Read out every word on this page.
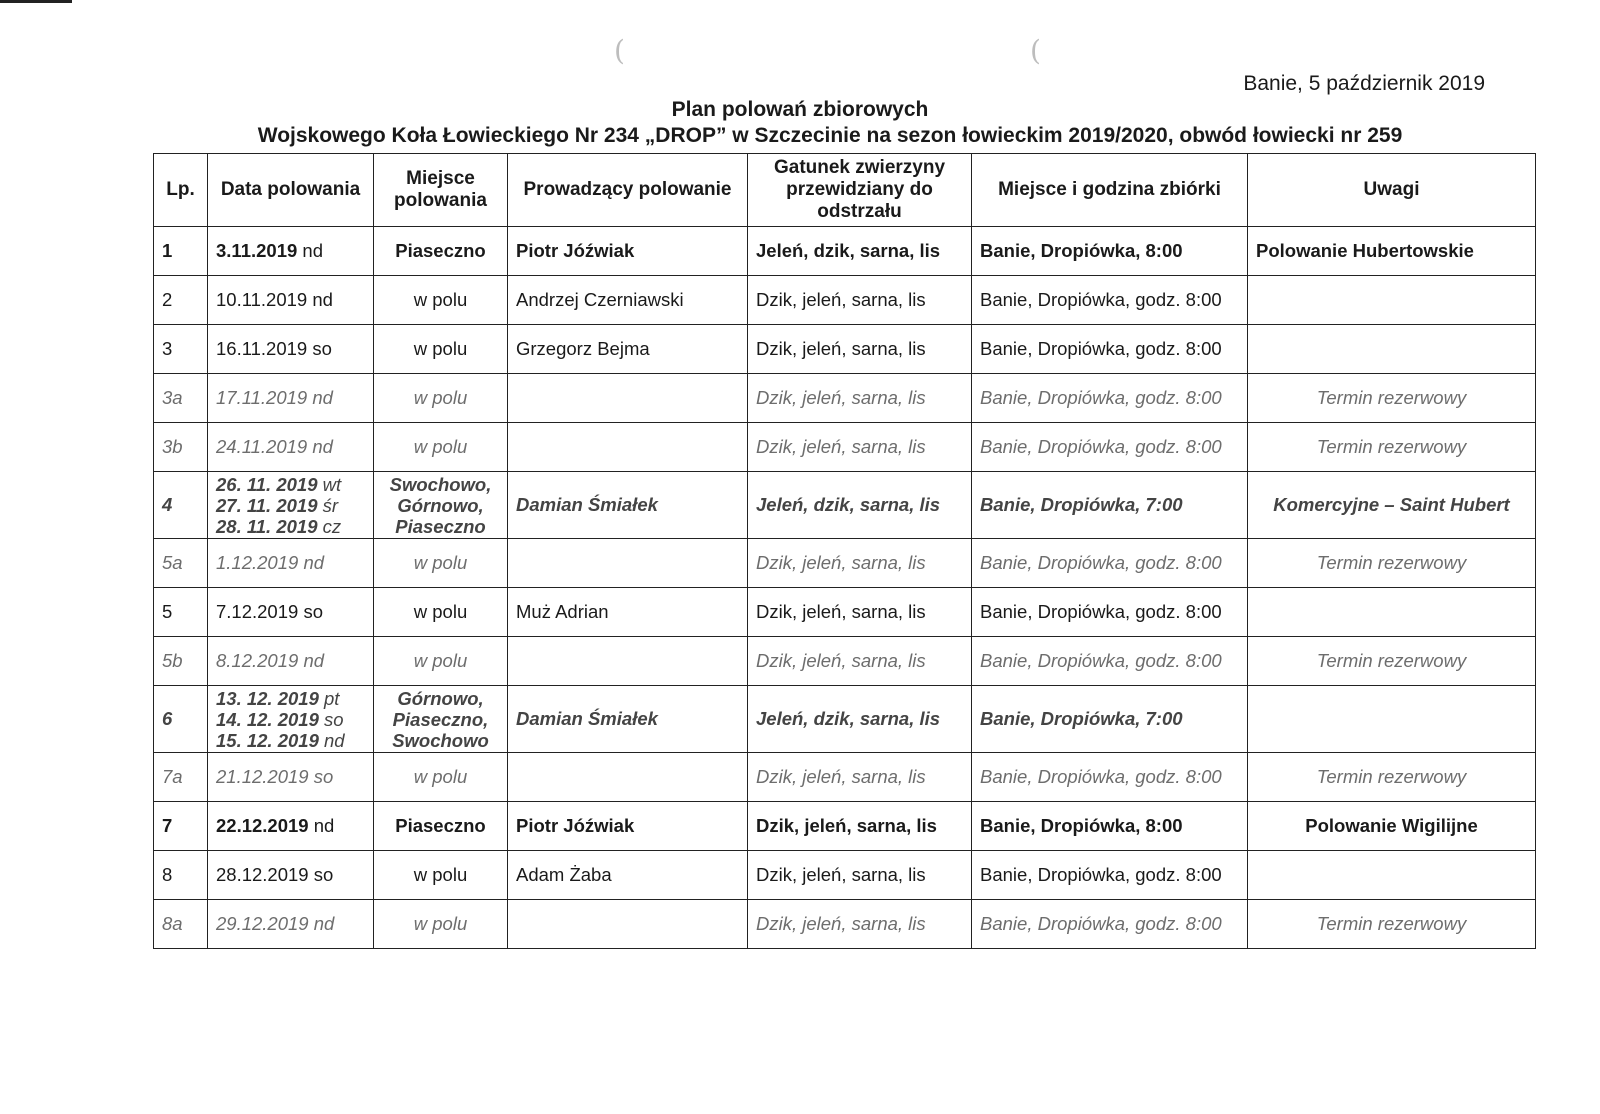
(	(
Banie, 5 październik 2019
Plan polowań zbiorowych
Wojskowego Koła Łowieckiego Nr 234 „DROP” w Szczecinie na sezon łowieckim 2019/2020, obwód łowiecki nr 259
Lp.	Data polowania	Miejsce polowania	Prowadzący polowanie	Gatunek zwierzyny przewidziany do odstrzału	Miejsce i godzina zbiórki	Uwagi
1	3.11.2019 nd	Piaseczno	Piotr Jóźwiak	Jeleń, dzik, sarna, lis	Banie, Dropiówka, 8:00	Polowanie Hubertowskie
2	10.11.2019 nd	w polu	Andrzej Czerniawski	Dzik, jeleń, sarna, lis	Banie, Dropiówka, godz. 8:00	
3	16.11.2019 so	w polu	Grzegorz Bejma	Dzik, jeleń, sarna, lis	Banie, Dropiówka, godz. 8:00	
3a	17.11.2019 nd	w polu		Dzik, jeleń, sarna, lis	Banie, Dropiówka, godz. 8:00	Termin rezerwowy
3b	24.11.2019 nd	w polu		Dzik, jeleń, sarna, lis	Banie, Dropiówka, godz. 8:00	Termin rezerwowy
4	26. 11. 2019 wt
27. 11. 2019 śr
28. 11. 2019 cz	Swochowo,
Górnowo,
Piaseczno	Damian Śmiałek	Jeleń, dzik, sarna, lis	Banie, Dropiówka, 7:00	Komercyjne – Saint Hubert
5a	1.12.2019 nd	w polu		Dzik, jeleń, sarna, lis	Banie, Dropiówka, godz. 8:00	Termin rezerwowy
5	7.12.2019 so	w polu	Muż Adrian	Dzik, jeleń, sarna, lis	Banie, Dropiówka, godz. 8:00	
5b	8.12.2019 nd	w polu		Dzik, jeleń, sarna, lis	Banie, Dropiówka, godz. 8:00	Termin rezerwowy
6	13. 12. 2019 pt
14. 12. 2019 so
15. 12. 2019 nd	Górnowo,
Piaseczno,
Swochowo	Damian Śmiałek	Jeleń, dzik, sarna, lis	Banie, Dropiówka, 7:00	
7a	21.12.2019 so	w polu		Dzik, jeleń, sarna, lis	Banie, Dropiówka, godz. 8:00	Termin rezerwowy
7	22.12.2019 nd	Piaseczno	Piotr Jóźwiak	Dzik, jeleń, sarna, lis	Banie, Dropiówka, 8:00	Polowanie Wigilijne
8	28.12.2019 so	w polu	Adam Żaba	Dzik, jeleń, sarna, lis	Banie, Dropiówka, godz. 8:00	
8a	29.12.2019 nd	w polu		Dzik, jeleń, sarna, lis	Banie, Dropiówka, godz. 8:00	Termin rezerwowy
